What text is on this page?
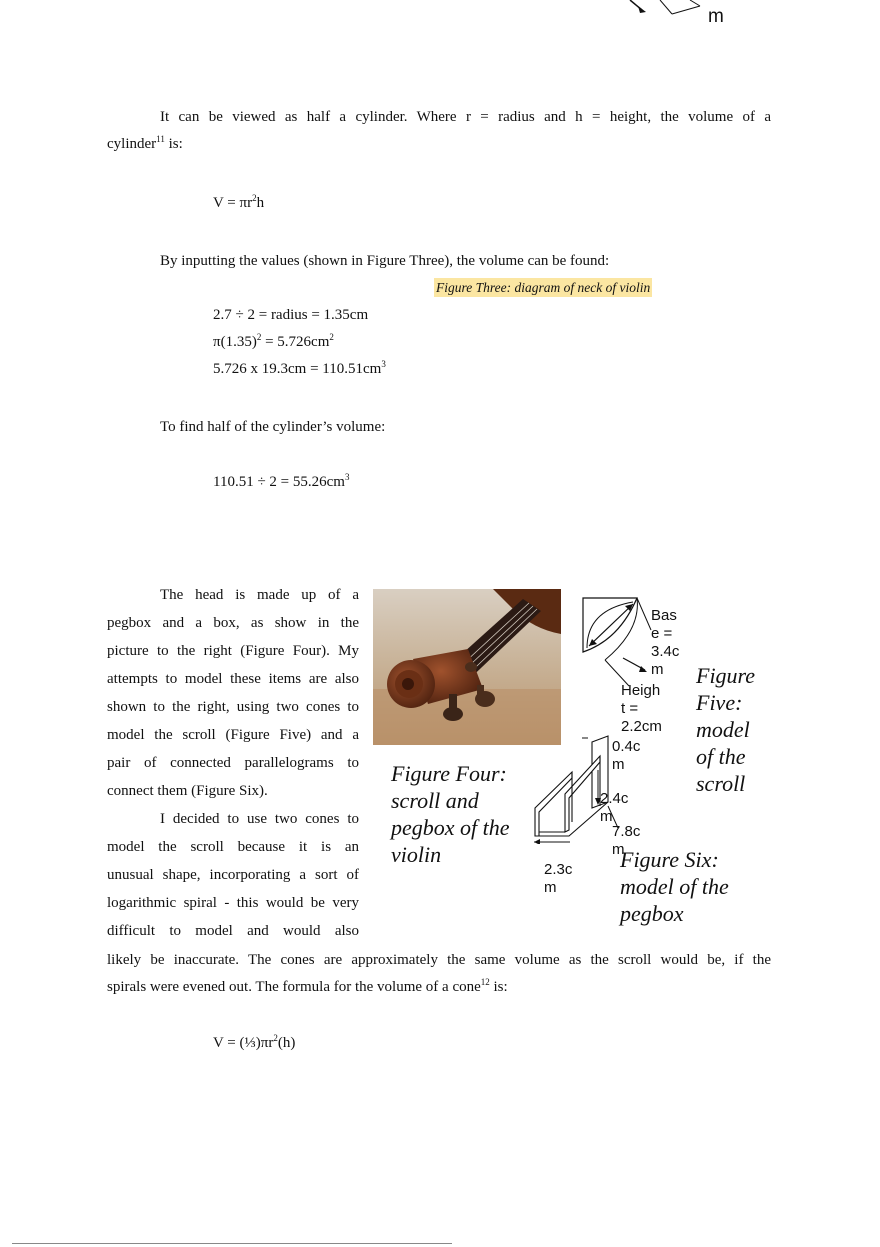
m
It can be viewed as half a cylinder. Where r = radius and h = height, the volume of a
cylinder$^{11}$ is:
$V = \pi r^2h$
By inputting the values (shown in Figure Three), the volume can be found:
Figure Three: diagram of neck of violin
2.7 ÷ 2 = radius = 1.35cm
$\pi(1.35)^2 = 5.726cm^2$
5.726 x $19.3cm = 110.51cm^3$
To find half of the cylinder’s volume:
$110.51 \div 2 = 55.26cm^3$
The head is made up of a
pegbox and a box, as show in the
picture to the right (Figure Four). My
attempts to model these items are also
shown to the right, using two cones to
model the scroll (Figure Five) and a
pair of connected parallelograms to
connect them (Figure Six).
I decided to use two cones to
model the scroll because it is an
unusual shape, incorporating a sort of
logarithmic spiral - this would be very
difficult to model and would also
likely be inaccurate. The cones are approximately the same volume as the scroll would be, if the
spirals were evened out. The formula for the volume of a cone$^{12}$ is:
$V = (\frac{1}{3})\pi r^2(h)$
Figure Four:
scroll and
pegbox of the
violin
Bas
e =
3.4c
m
Heigh
t =
2.2cm
Figure
Five:
model
of the
scroll
0.4c
m
2.4c
m
7.8c
m
2.3c
m
Figure Six:
model of the
pegbox
